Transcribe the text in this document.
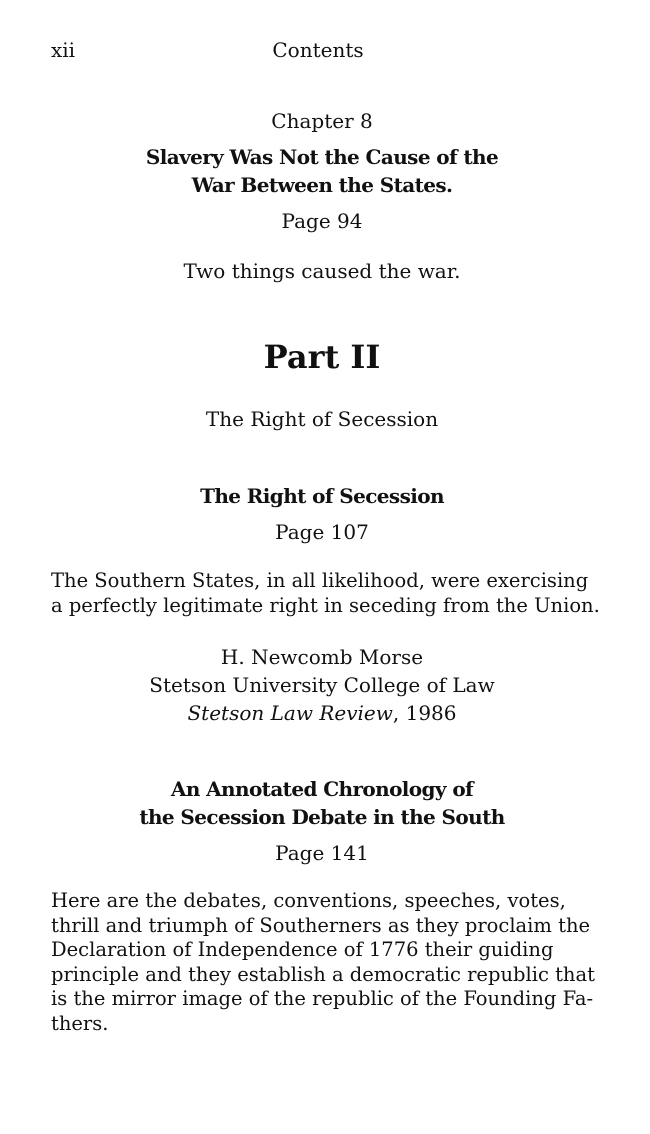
xii	Contents
Chapter 8
Slavery Was Not the Cause of the
War Between the States.
Page 94
Two things caused the war.
Part II
The Right of Secession
The Right of Secession
Page 107
The Southern States, in all likelihood, were exercising
a perfectly legitimate right in seceding from the Union.
H. Newcomb Morse
Stetson University College of Law
Stetson Law Review, 1986
An Annotated Chronology of
the Secession Debate in the South
Page 141
Here are the debates, conventions, speeches, votes,
thrill and triumph of Southerners as they proclaim the
Declaration of Independence of 1776 their guiding
principle and they establish a democratic republic that
is the mirror image of the republic of the Founding Fa-
thers.
